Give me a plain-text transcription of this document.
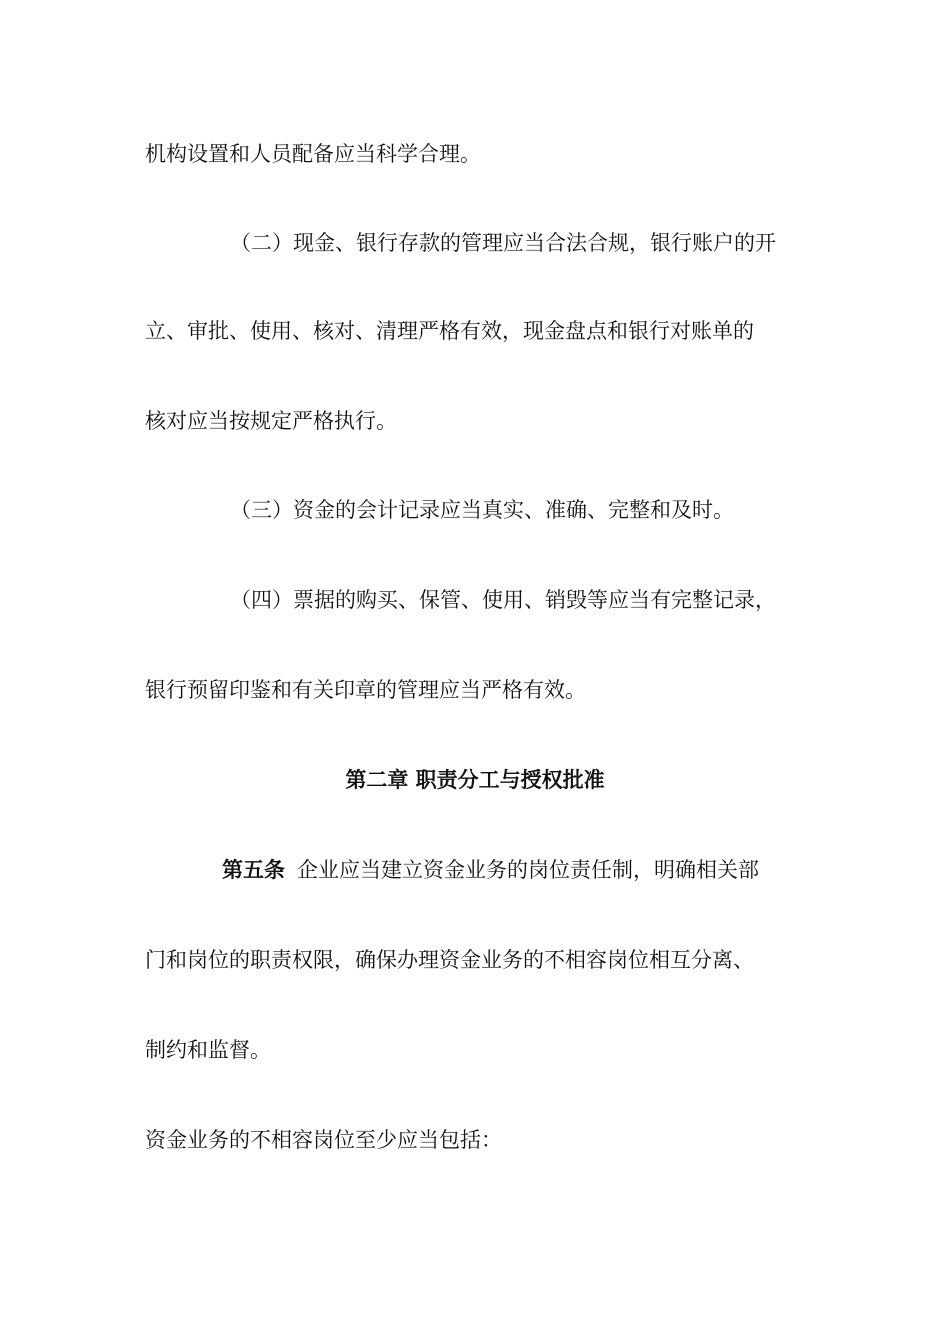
机构设置和人员配备应当科学合理。
（二）现金、银行存款的管理应当合法合规，银行账户的开
立、审批、使用、核对、清理严格有效，现金盘点和银行对账单的
核对应当按规定严格执行。
（三）资金的会计记录应当真实、准确、完整和及时。
（四）票据的购买、保管、使用、销毁等应当有完整记录，
银行预留印鉴和有关印章的管理应当严格有效。
第二章 职责分工与授权批准
第五条 企业应当建立资金业务的岗位责任制，明确相关部
门和岗位的职责权限，确保办理资金业务的不相容岗位相互分离、
制约和监督。
资金业务的不相容岗位至少应当包括：
